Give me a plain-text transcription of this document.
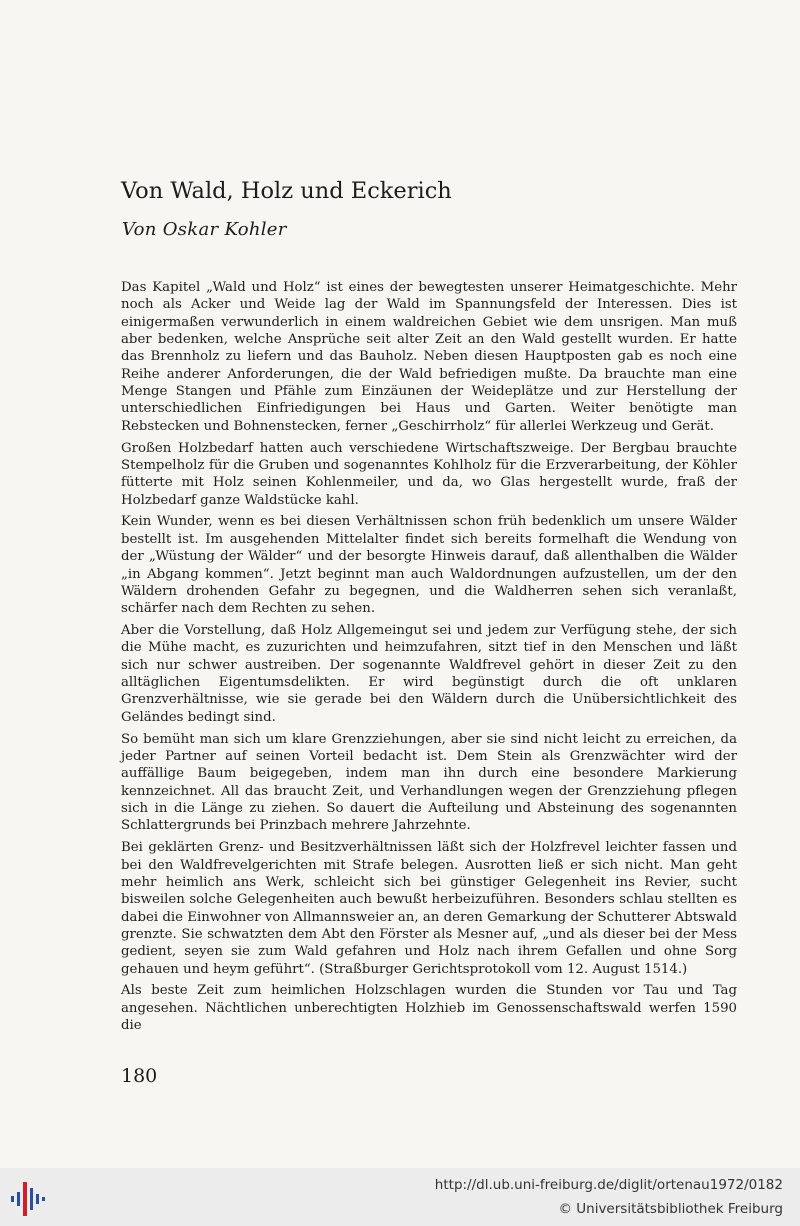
Von Wald, Holz und Eckerich
Von Oskar Kohler

Das Kapitel „Wald und Holz“ ist eines der bewegtesten unserer Heimatgeschichte. Mehr noch als Acker und Weide lag der Wald im Spannungsfeld der Interessen. Dies ist einigermaßen verwunderlich in einem waldreichen Gebiet wie dem unsrigen. Man muß aber bedenken, welche Ansprüche seit alter Zeit an den Wald gestellt wurden. Er hatte das Brennholz zu liefern und das Bauholz. Neben diesen Hauptposten gab es noch eine Reihe anderer Anforderungen, die der Wald befriedigen mußte. Da brauchte man eine Menge Stangen und Pfähle zum Einzäunen der Weideplätze und zur Herstellung der unterschiedlichen Einfriedigungen bei Haus und Garten. Weiter benötigte man Rebstecken und Bohnenstecken, ferner „Geschirrholz“ für allerlei Werkzeug und Gerät.

Großen Holzbedarf hatten auch verschiedene Wirtschaftszweige. Der Bergbau brauchte Stempelholz für die Gruben und sogenanntes Kohlholz für die Erzverarbeitung, der Köhler fütterte mit Holz seinen Kohlenmeiler, und da, wo Glas hergestellt wurde, fraß der Holzbedarf ganze Waldstücke kahl.

Kein Wunder, wenn es bei diesen Verhältnissen schon früh bedenklich um unsere Wälder bestellt ist. Im ausgehenden Mittelalter findet sich bereits formelhaft die Wendung von der „Wüstung der Wälder“ und der besorgte Hinweis darauf, daß allenthalben die Wälder „in Abgang kommen“. Jetzt beginnt man auch Waldordnungen aufzustellen, um der den Wäldern drohenden Gefahr zu begegnen, und die Waldherren sehen sich veranlaßt, schärfer nach dem Rechten zu sehen.

Aber die Vorstellung, daß Holz Allgemeingut sei und jedem zur Verfügung stehe, der sich die Mühe macht, es zuzurichten und heimzufahren, sitzt tief in den Menschen und läßt sich nur schwer austreiben. Der sogenannte Waldfrevel gehört in dieser Zeit zu den alltäglichen Eigentumsdelikten. Er wird begünstigt durch die oft unklaren Grenzverhältnisse, wie sie gerade bei den Wäldern durch die Unübersichtlichkeit des Geländes bedingt sind.

So bemüht man sich um klare Grenzziehungen, aber sie sind nicht leicht zu erreichen, da jeder Partner auf seinen Vorteil bedacht ist. Dem Stein als Grenzwächter wird der auffällige Baum beigegeben, indem man ihn durch eine besondere Markierung kennzeichnet. All das braucht Zeit, und Verhandlungen wegen der Grenzziehung pflegen sich in die Länge zu ziehen. So dauert die Aufteilung und Absteinung des sogenannten Schlattergrunds bei Prinzbach mehrere Jahrzehnte.

Bei geklärten Grenz- und Besitzverhältnissen läßt sich der Holzfrevel leichter fassen und bei den Waldfrevelgerichten mit Strafe belegen. Ausrotten ließ er sich nicht. Man geht mehr heimlich ans Werk, schleicht sich bei günstiger Gelegenheit ins Revier, sucht bisweilen solche Gelegenheiten auch bewußt herbeizuführen. Besonders schlau stellten es dabei die Einwohner von Allmannsweier an, an deren Gemarkung der Schutterer Abtswald grenzte. Sie schwatzten dem Abt den Förster als Mesner auf, „und als dieser bei der Mess gedient, seyen sie zum Wald gefahren und Holz nach ihrem Gefallen und ohne Sorg gehauen und heym geführt“. (Straßburger Gerichtsprotokoll vom 12. August 1514.)

Als beste Zeit zum heimlichen Holzschlagen wurden die Stunden vor Tau und Tag angesehen. Nächtlichen unberechtigten Holzhieb im Genossenschaftswald werfen 1590 die

180
http://dl.ub.uni-freiburg.de/diglit/ortenau1972/0182
© Universitätsbibliothek Freiburg
